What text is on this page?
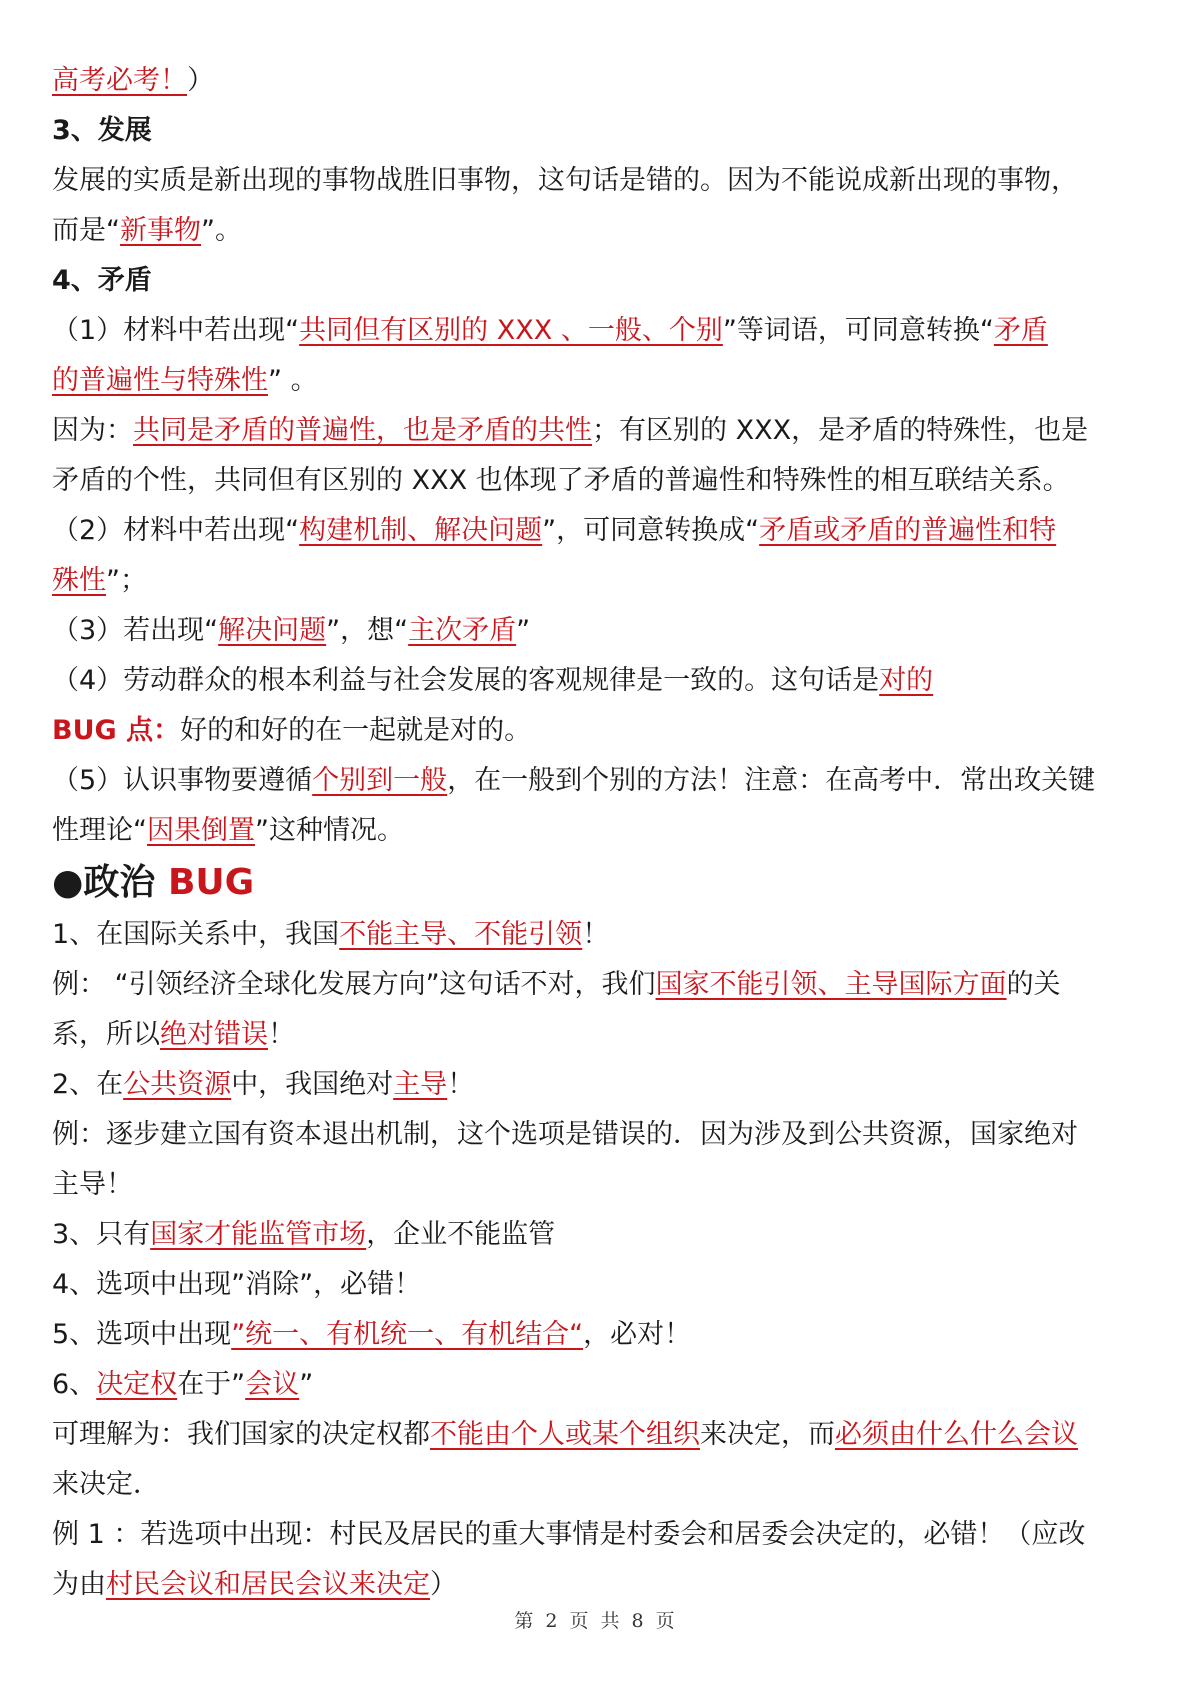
高考必考！）
3、发展
发展的实质是新出现的事物战胜旧事物，这句话是错的。因为不能说成新出现的事物，
而是“新事物”。
4、矛盾
（1）材料中若出现“共同但有区别的 XXX 、一般、个别”等词语，可同意转换“矛盾
的普遍性与特殊性” 。
因为：共同是矛盾的普遍性，也是矛盾的共性；有区别的 XXX，是矛盾的特殊性，也是
矛盾的个性，共同但有区别的 XXX 也体现了矛盾的普遍性和特殊性的相互联结关系。
（2）材料中若出现“构建机制、解决问题”，可同意转换成“矛盾或矛盾的普遍性和特
殊性”；
（3）若出现“解决问题”，想“主次矛盾”
（4）劳动群众的根本利益与社会发展的客观规律是一致的。这句话是对的
BUG 点：好的和好的在一起就是对的。
（5）认识事物要遵循个别到一般，在一般到个别的方法！注意：在高考中．常出玫关键
性理论“因果倒置”这种情况。
●政治 BUG
1、在国际关系中，我国不能主导、不能引领！
例： “引领经济全球化发展方向”这句话不对，我们国家不能引领、主导国际方面的关
系，所以绝对错误！
2、在公共资源中，我国绝对主导！
例：逐步建立国有资本退出机制，这个选项是错误的．因为涉及到公共资源，国家绝对
主导！
3、只有国家才能监管市场，企业不能监管
4、选项中出现”消除”，必错！
5、选项中出现”统一、有机统一、有机结合“，必对！
6、决定权在于”会议”
可理解为：我们国家的决定权都不能由个人或某个组织来决定，而必须由什么什么会议
来决定．
例 1 ：若选项中出现：村民及居民的重大事情是村委会和居委会决定的，必错！（应改
为由村民会议和居民会议来决定）
第 2 页 共 8 页
